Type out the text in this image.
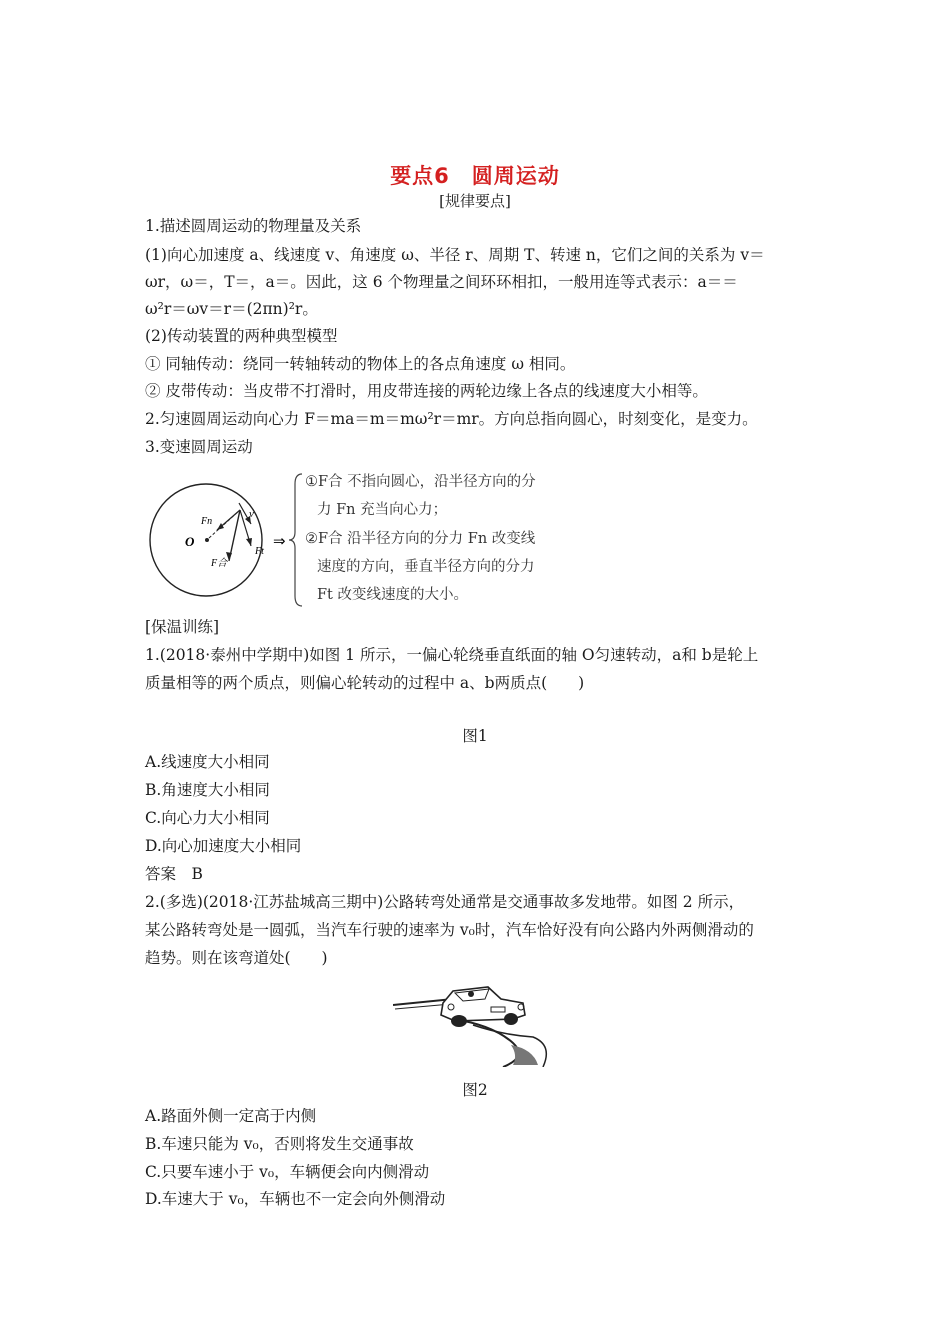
要点6　圆周运动
[规律要点]
1.描述圆周运动的物理量及关系
(1)向心加速度 a、线速度 v、角速度 ω、半径 r、周期 T、转速 n，它们之间的关系为 v＝
ωr，ω＝，T＝，a＝。因此，这 6 个物理量之间环环相扣，一般用连等式表示：a＝＝
ω²r＝ωv＝r＝(2πn)²r。
(2)传动装置的两种典型模型
① 同轴传动：绕同一转轴转动的物体上的各点角速度 ω 相同。
② 皮带传动：当皮带不打滑时，用皮带连接的两轮边缘上各点的线速度大小相等。
2.匀速圆周运动向心力 F＝ma＝m＝mω²r＝mr。方向总指向圆心，时刻变化，是变力。
3.变速圆周运动
O
v
Fn
Ft
F合
⇒
①F合 不指向圆心，沿半径方向的分
力 Fn 充当向心力；
②F合 沿半径方向的分力 Fn 改变线
速度的方向，垂直半径方向的分力
Ft 改变线速度的大小。
[保温训练]
1.(2018·泰州中学期中)如图 1 所示，一偏心轮绕垂直纸面的轴 O匀速转动，a和 b是轮上
质量相等的两个质点，则偏心轮转动的过程中 a、b两质点(　　)
图1
A.线速度大小相同
B.角速度大小相同
C.向心力大小相同
D.向心加速度大小相同
答案　B
2.(多选)(2018·江苏盐城高三期中)公路转弯处通常是交通事故多发地带。如图 2 所示，
某公路转弯处是一圆弧，当汽车行驶的速率为 v₀时，汽车恰好没有向公路内外两侧滑动的
趋势。则在该弯道处(　　)
图2
A.路面外侧一定高于内侧
B.车速只能为 v₀，否则将发生交通事故
C.只要车速小于 v₀，车辆便会向内侧滑动
D.车速大于 v₀，车辆也不一定会向外侧滑动
